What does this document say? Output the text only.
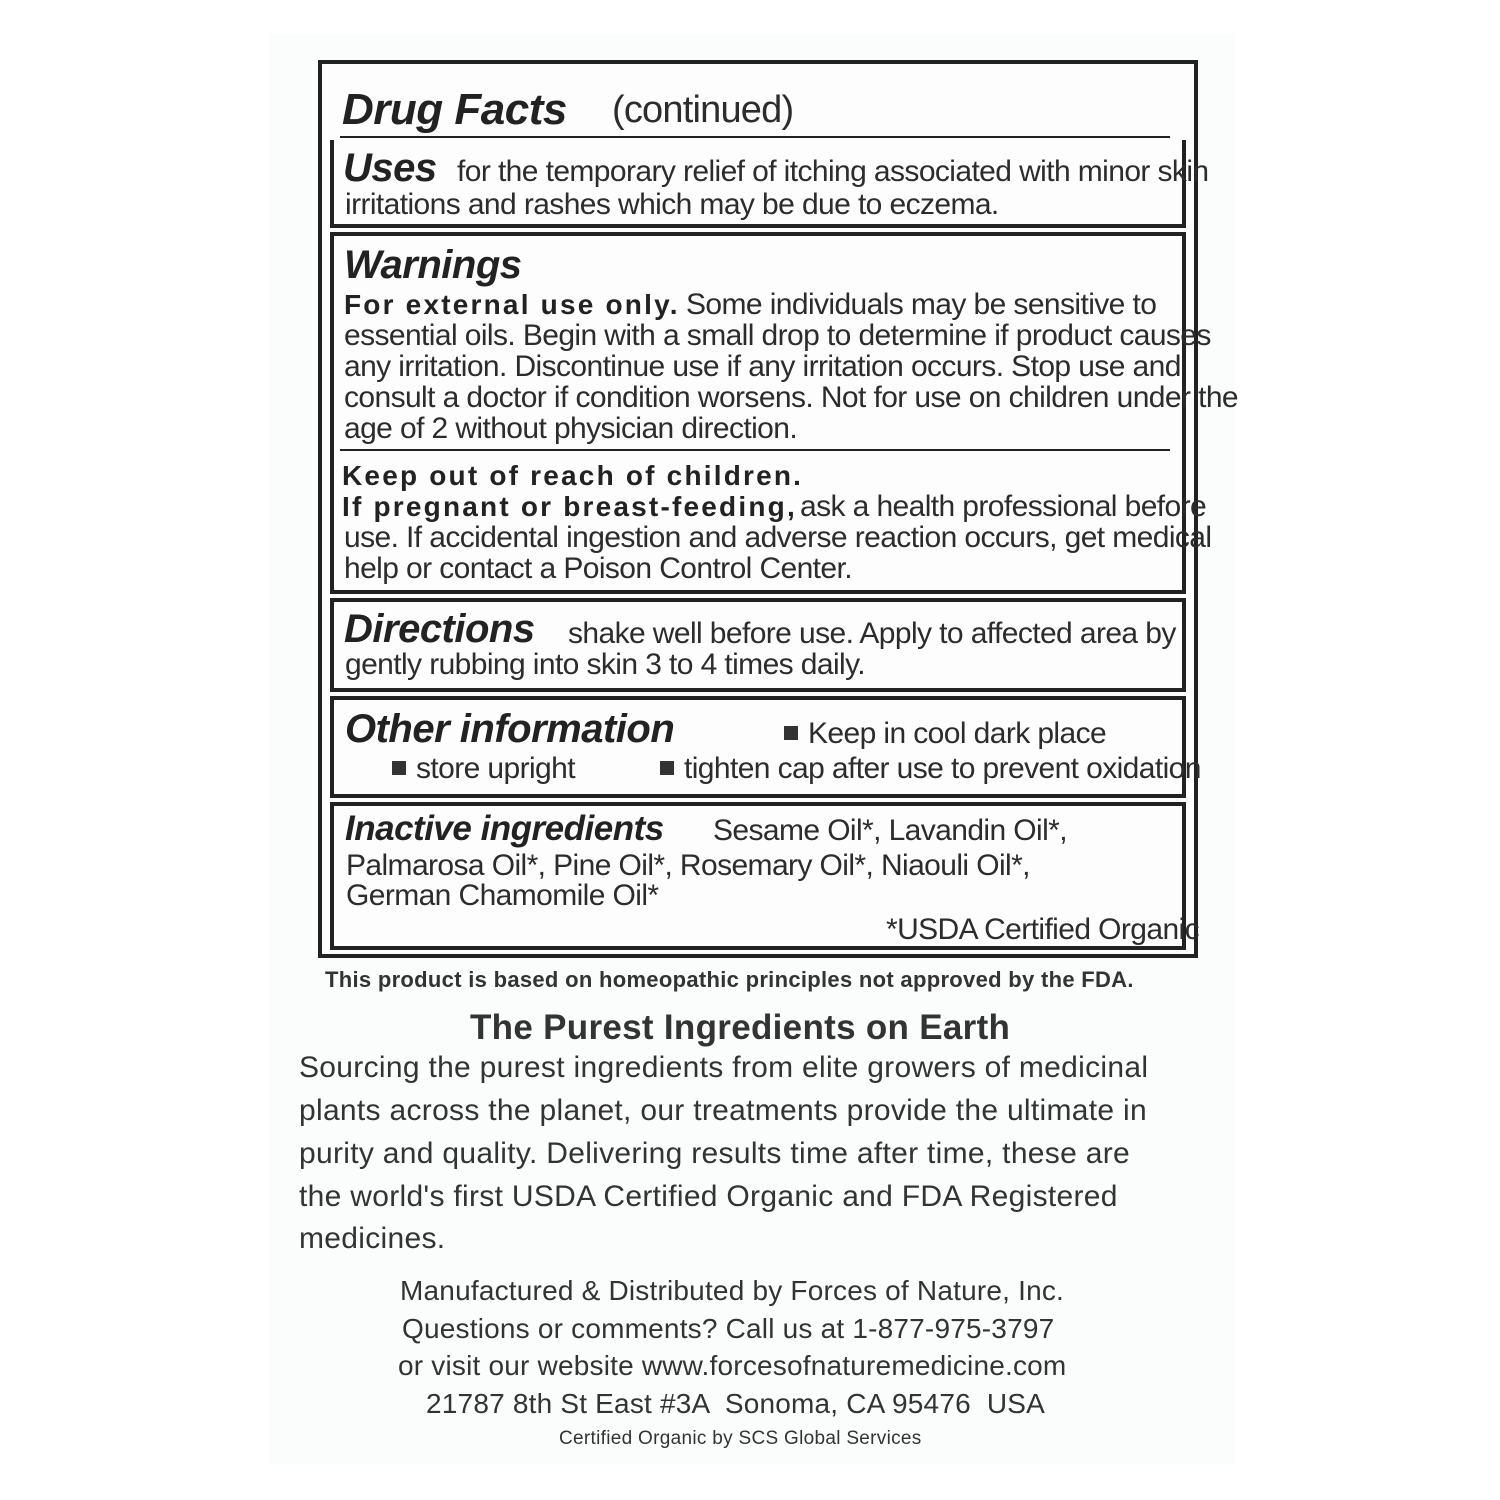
Drug Facts (continued)
Uses for the temporary relief of itching associated with minor skin
irritations and rashes which may be due to eczema.
Warnings
For external use only. Some individuals may be sensitive to
essential oils. Begin with a small drop to determine if product causes
any irritation. Discontinue use if any irritation occurs. Stop use and
consult a doctor if condition worsens. Not for use on children under the
age of 2 without physician direction.
Keep out of reach of children.
If pregnant or breast-feeding, ask a health professional before
use. If accidental ingestion and adverse reaction occurs, get medical
help or contact a Poison Control Center.
Directions shake well before use. Apply to affected area by
gently rubbing into skin 3 to 4 times daily.
Other information	Keep in cool dark place
store upright	tighten cap after use to prevent oxidation
Inactive ingredients Sesame Oil*, Lavandin Oil*,
Palmarosa Oil*, Pine Oil*, Rosemary Oil*, Niaouli Oil*,
German Chamomile Oil*
*USDA Certified Organic
This product is based on homeopathic principles not approved by the FDA.
The Purest Ingredients on Earth
Sourcing the purest ingredients from elite growers of medicinal
plants across the planet, our treatments provide the ultimate in
purity and quality. Delivering results time after time, these are
the world's first USDA Certified Organic and FDA Registered
medicines.
Manufactured & Distributed by Forces of Nature, Inc.
Questions or comments? Call us at 1-877-975-3797
or visit our website www.forcesofnaturemedicine.com
21787 8th St East #3A  Sonoma, CA 95476  USA
Certified Organic by SCS Global Services
